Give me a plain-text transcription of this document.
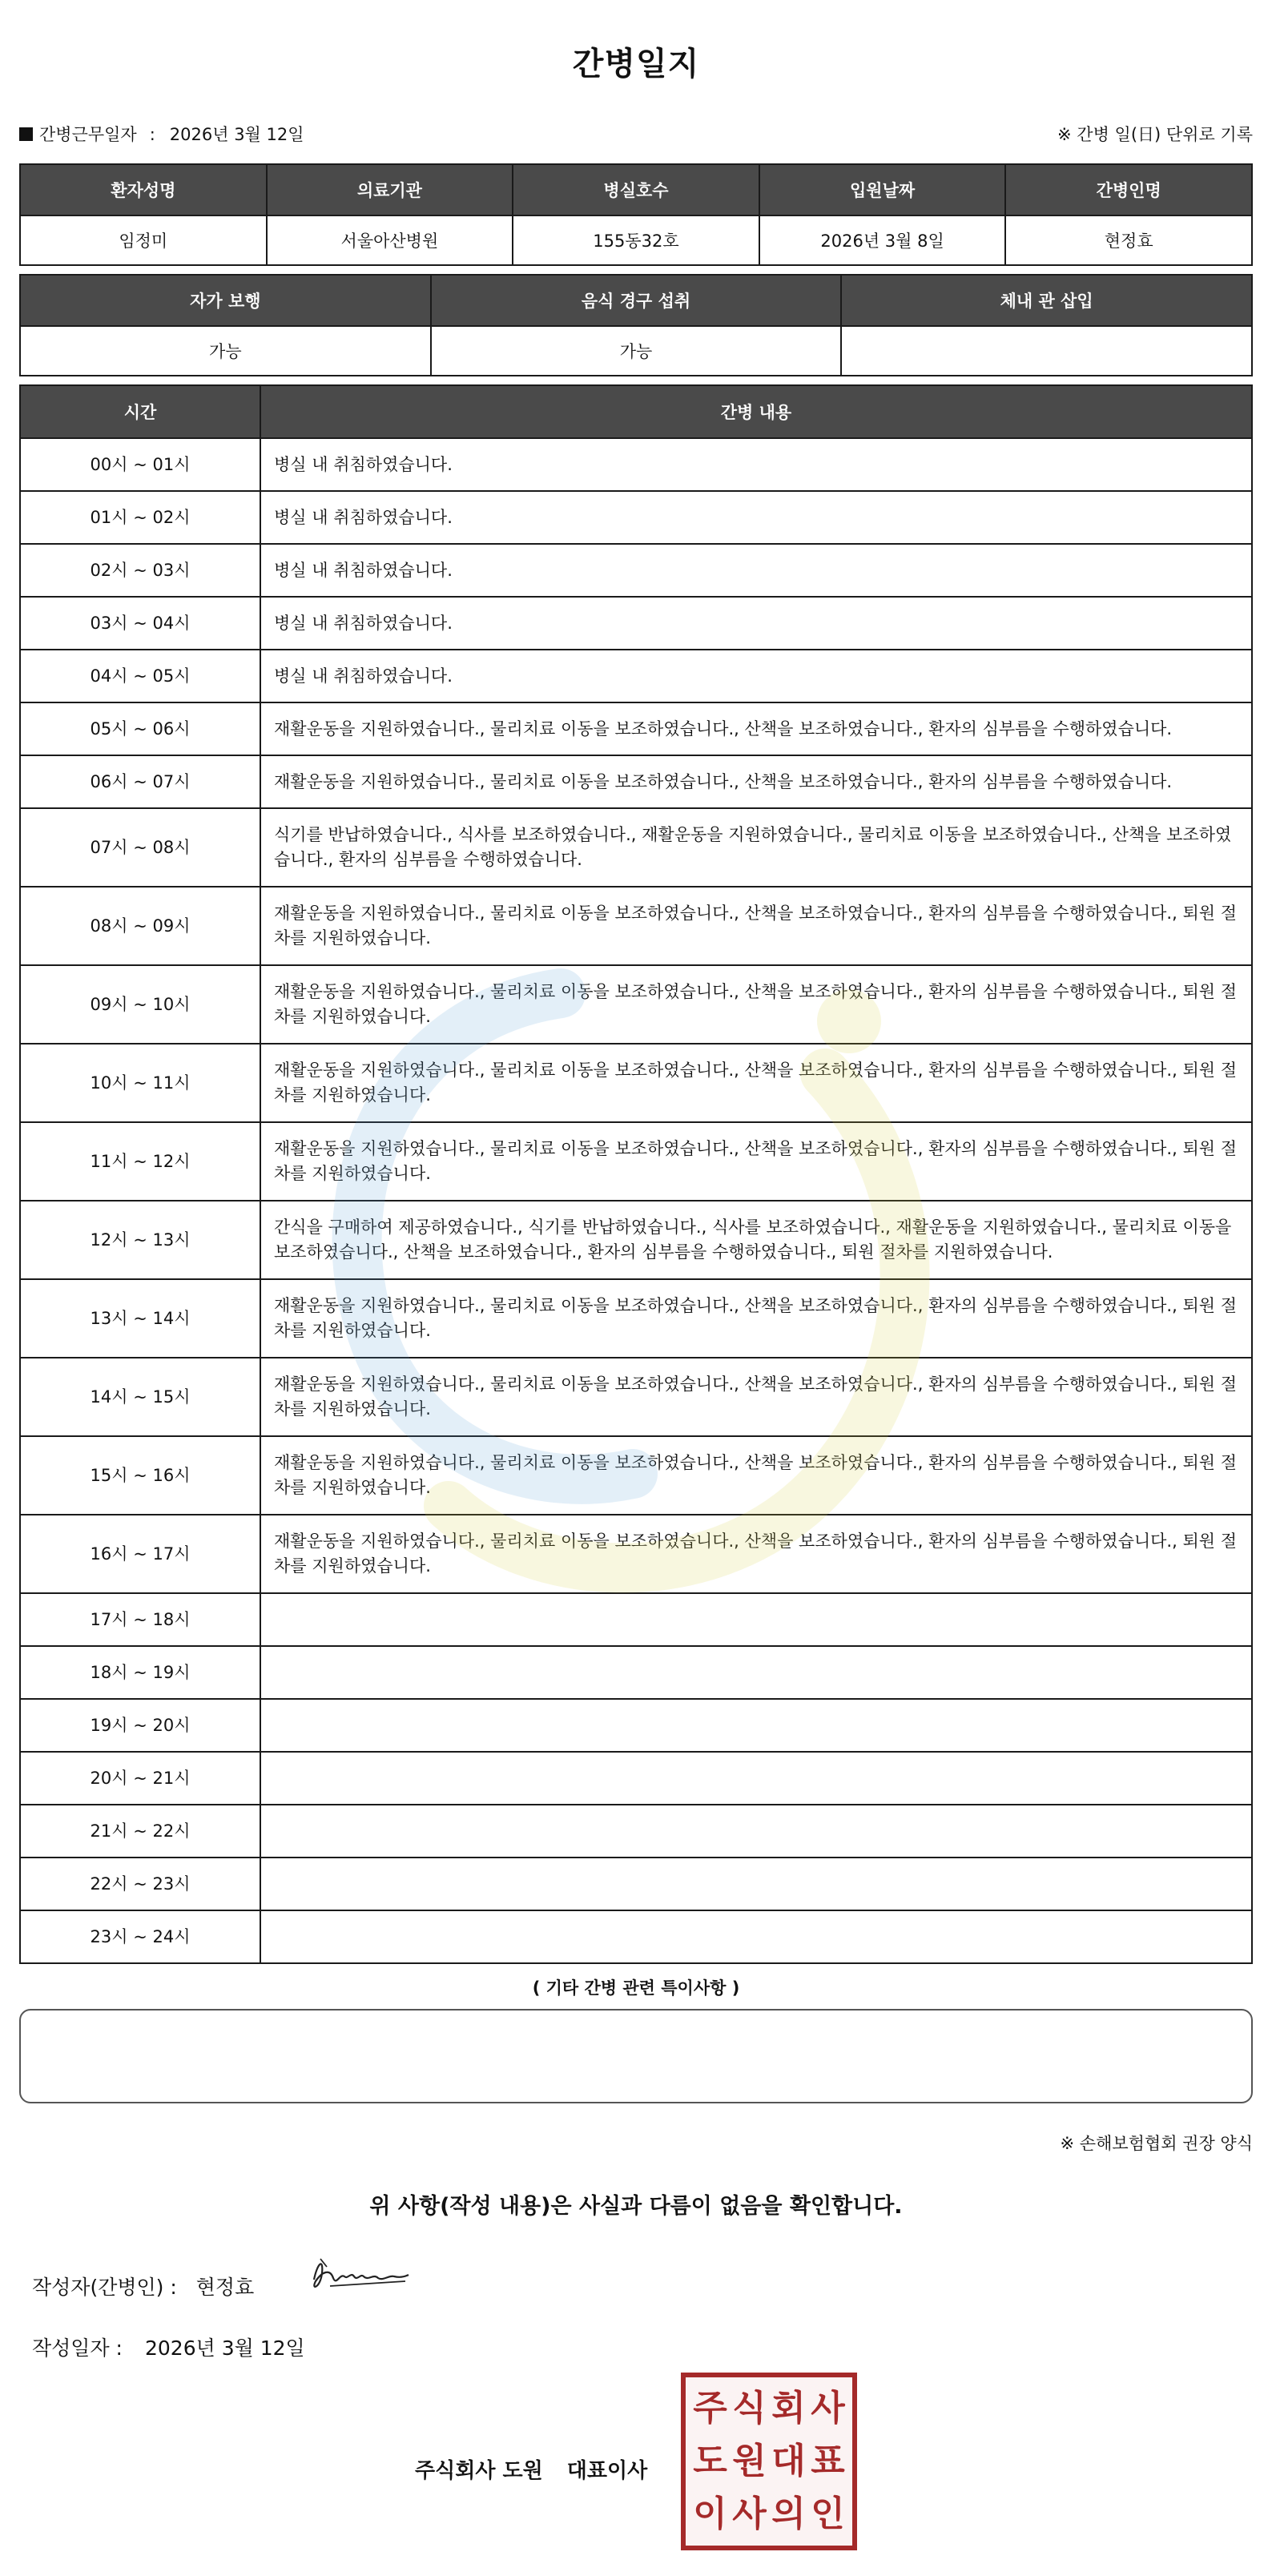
간병일지
간병근무일자 : 2026년 3월 12일	※ 간병 일(日) 단위로 기록
환자성명	의료기관	병실호수	입원날짜	간병인명
임정미	서울아산병원	155동32호	2026년 3월 8일	현정효
자가 보행	음식 경구 섭취	체내 관 삽입
가능	가능	
시간	간병 내용
00시 ~ 01시	병실 내 취침하였습니다.
01시 ~ 02시	병실 내 취침하였습니다.
02시 ~ 03시	병실 내 취침하였습니다.
03시 ~ 04시	병실 내 취침하였습니다.
04시 ~ 05시	병실 내 취침하였습니다.
05시 ~ 06시	재활운동을 지원하였습니다., 물리치료 이동을 보조하였습니다., 산책을 보조하였습니다., 환자의 심부름을 수행하였습니다.
06시 ~ 07시	재활운동을 지원하였습니다., 물리치료 이동을 보조하였습니다., 산책을 보조하였습니다., 환자의 심부름을 수행하였습니다.
07시 ~ 08시	식기를 반납하였습니다., 식사를 보조하였습니다., 재활운동을 지원하였습니다., 물리치료 이동을 보조하였습니다., 산책을 보조하였습니다., 환자의 심부름을 수행하였습니다.
08시 ~ 09시	재활운동을 지원하였습니다., 물리치료 이동을 보조하였습니다., 산책을 보조하였습니다., 환자의 심부름을 수행하였습니다., 퇴원 절차를 지원하였습니다.
09시 ~ 10시	재활운동을 지원하였습니다., 물리치료 이동을 보조하였습니다., 산책을 보조하였습니다., 환자의 심부름을 수행하였습니다., 퇴원 절차를 지원하였습니다.
10시 ~ 11시	재활운동을 지원하였습니다., 물리치료 이동을 보조하였습니다., 산책을 보조하였습니다., 환자의 심부름을 수행하였습니다., 퇴원 절차를 지원하였습니다.
11시 ~ 12시	재활운동을 지원하였습니다., 물리치료 이동을 보조하였습니다., 산책을 보조하였습니다., 환자의 심부름을 수행하였습니다., 퇴원 절차를 지원하였습니다.
12시 ~ 13시	간식을 구매하여 제공하였습니다., 식기를 반납하였습니다., 식사를 보조하였습니다., 재활운동을 지원하였습니다., 물리치료 이동을 보조하였습니다., 산책을 보조하였습니다., 환자의 심부름을 수행하였습니다., 퇴원 절차를 지원하였습니다.
13시 ~ 14시	재활운동을 지원하였습니다., 물리치료 이동을 보조하였습니다., 산책을 보조하였습니다., 환자의 심부름을 수행하였습니다., 퇴원 절차를 지원하였습니다.
14시 ~ 15시	재활운동을 지원하였습니다., 물리치료 이동을 보조하였습니다., 산책을 보조하였습니다., 환자의 심부름을 수행하였습니다., 퇴원 절차를 지원하였습니다.
15시 ~ 16시	재활운동을 지원하였습니다., 물리치료 이동을 보조하였습니다., 산책을 보조하였습니다., 환자의 심부름을 수행하였습니다., 퇴원 절차를 지원하였습니다.
16시 ~ 17시	재활운동을 지원하였습니다., 물리치료 이동을 보조하였습니다., 산책을 보조하였습니다., 환자의 심부름을 수행하였습니다., 퇴원 절차를 지원하였습니다.
17시 ~ 18시	
18시 ~ 19시	
19시 ~ 20시	
20시 ~ 21시	
21시 ~ 22시	
22시 ~ 23시	
23시 ~ 24시	
( 기타 간병 관련 특이사항 )
※ 손해보험협회 권장 양식
위 사항(작성 내용)은 사실과 다름이 없음을 확인합니다.
작성자(간병인) : 현정효
작성일자 : 2026년 3월 12일
주식회사 도원 대표이사
주 식 회 사
도 원 대 표
이 사 의 인
